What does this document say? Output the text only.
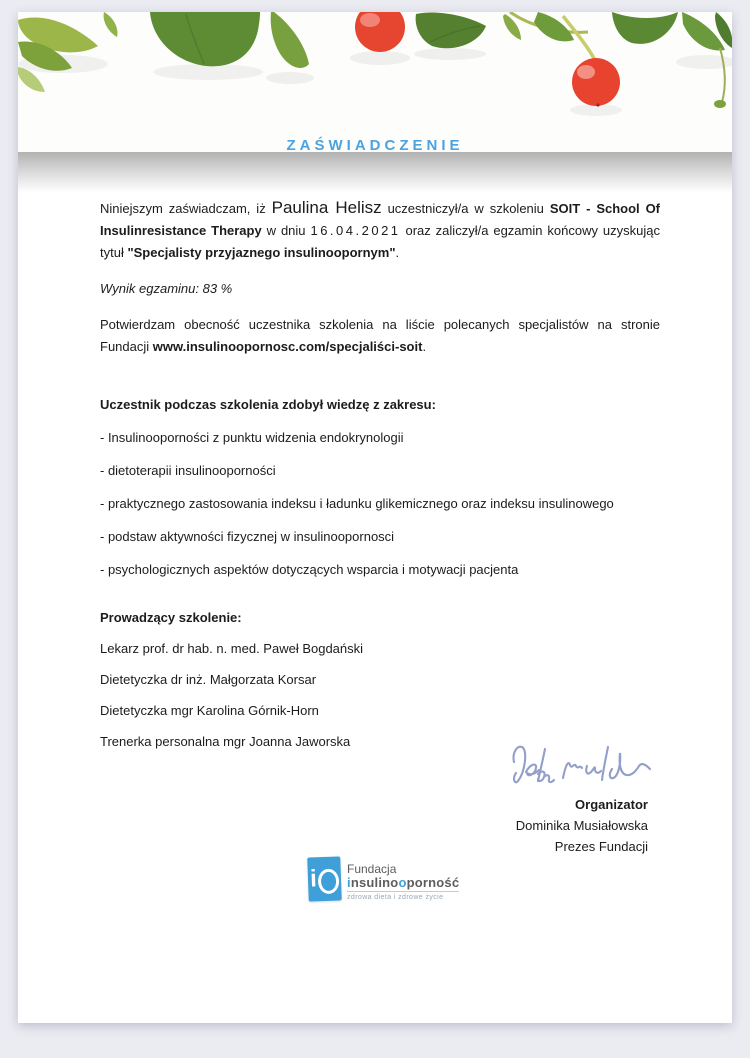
ZAŚWIADCZENIE

Niniejszym zaświadczam, iż Paulina Helisz uczestniczył/a w szkoleniu SOIT - School Of Insulinresistance Therapy w dniu 16.04.2021 oraz zaliczył/a egzamin końcowy uzyskując tytuł "Specjalisty przyjaznego insulinoopornym".

Wynik egzaminu: 83 %

Potwierdzam obecność uczestnika szkolenia na liście polecanych specjalistów na stronie Fundacji www.insulinoopornosc.com/specjaliści-soit.

Uczestnik podczas szkolenia zdobył wiedzę z zakresu:

- Insulinooporności z punktu widzenia endokrynologii

- dietoterapii insulinooporności

- praktycznego zastosowania indeksu i ładunku glikemicznego oraz indeksu insulinowego

- podstaw aktywności fizycznej w insulinoopornosci

- psychologicznych aspektów dotyczących wsparcia i motywacji pacjenta

Prowadzący szkolenie:

Lekarz prof. dr hab. n. med. Paweł Bogdański

Dietetyczka dr inż. Małgorzata Korsar

Dietetyczka mgr Karolina Górnik-Horn

Trenerka personalna mgr Joanna Jaworska

Organizator
Dominika Musiałowska
Prezes Fundacji
i Fundacja
insulinooporność
zdrowa dieta i zdrowe życie
